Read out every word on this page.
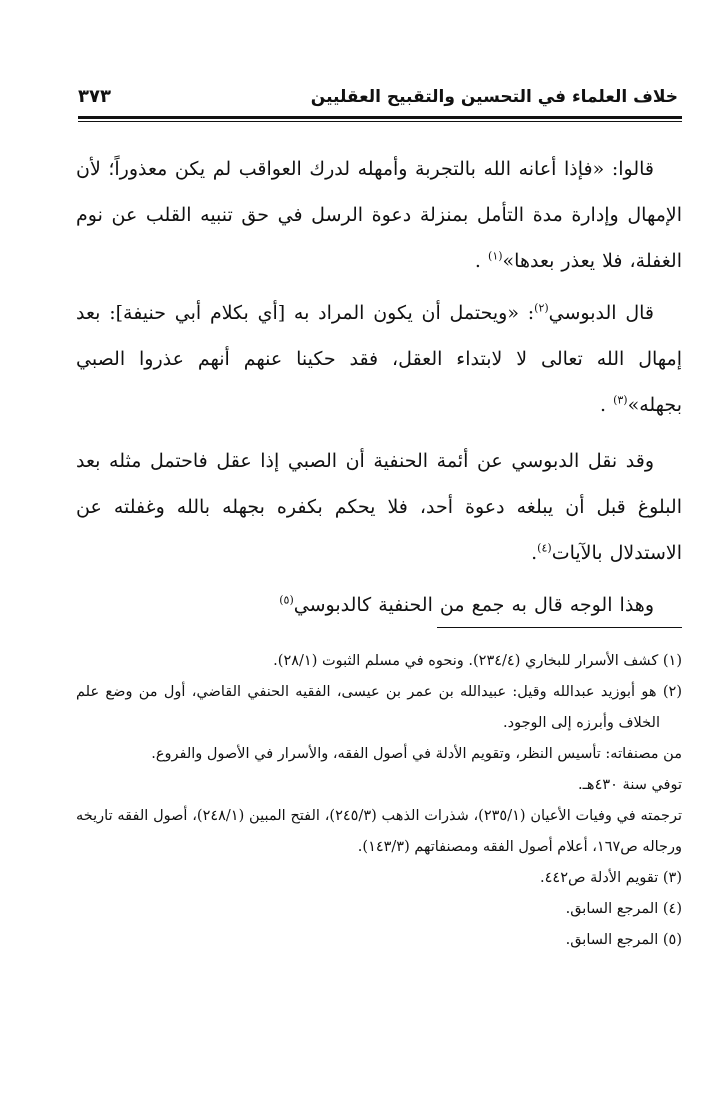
خلاف العلماء في التحسين والتقبيح العقليين
٣٧٣

قالوا: «فإذا أعانه الله بالتجربة وأمهله لدرك العواقب لم يكن معذوراً؛ لأن الإمهال وإدارة مدة التأمل بمنزلة دعوة الرسل في حق تنبيه القلب عن نوم الغفلة، فلا يعذر بعدها»$^{(١)}$ .

قال الدبوسي$^{(٢)}$: «ويحتمل أن يكون المراد به [أي بكلام أبي حنيفة]: بعد إمهال الله تعالى لا لابتداء العقل، فقد حكينا عنهم أنهم عذروا الصبي بجهله»$^{(٣)}$ .

وقد نقل الدبوسي عن أئمة الحنفية أن الصبي إذا عقل فاحتمل مثله بعد البلوغ قبل أن يبلغه دعوة أحد، فلا يحكم بكفره بجهله بالله وغفلته عن الاستدلال بالآيات$^{(٤)}$.

وهذا الوجه قال به جمع من الحنفية كالدبوسي$^{(٥)}$

(١) كشف الأسرار للبخاري (٢٣٤/٤). ونحوه في مسلم الثبوت (٢٨/١).

(٢) هو أبوزيد عبدالله وقيل: عبيدالله بن عمر بن عيسى، الفقيه الحنفي القاضي، أول من وضع علم الخلاف وأبرزه إلى الوجود.

من مصنفاته: تأسيس النظر، وتقويم الأدلة في أصول الفقه، والأسرار في الأصول والفروع.

توفي سنة ٤٣٠هـ.

ترجمته في وفيات الأعيان (٢٣٥/١)، شذرات الذهب (٢٤٥/٣)، الفتح المبين (٢٤٨/١)، أصول الفقه تاريخه ورجاله ص١٦٧، أعلام أصول الفقه ومصنفاتهم (١٤٣/٣).

(٣) تقويم الأدلة ص٤٤٢.

(٤) المرجع السابق.

(٥) المرجع السابق.
